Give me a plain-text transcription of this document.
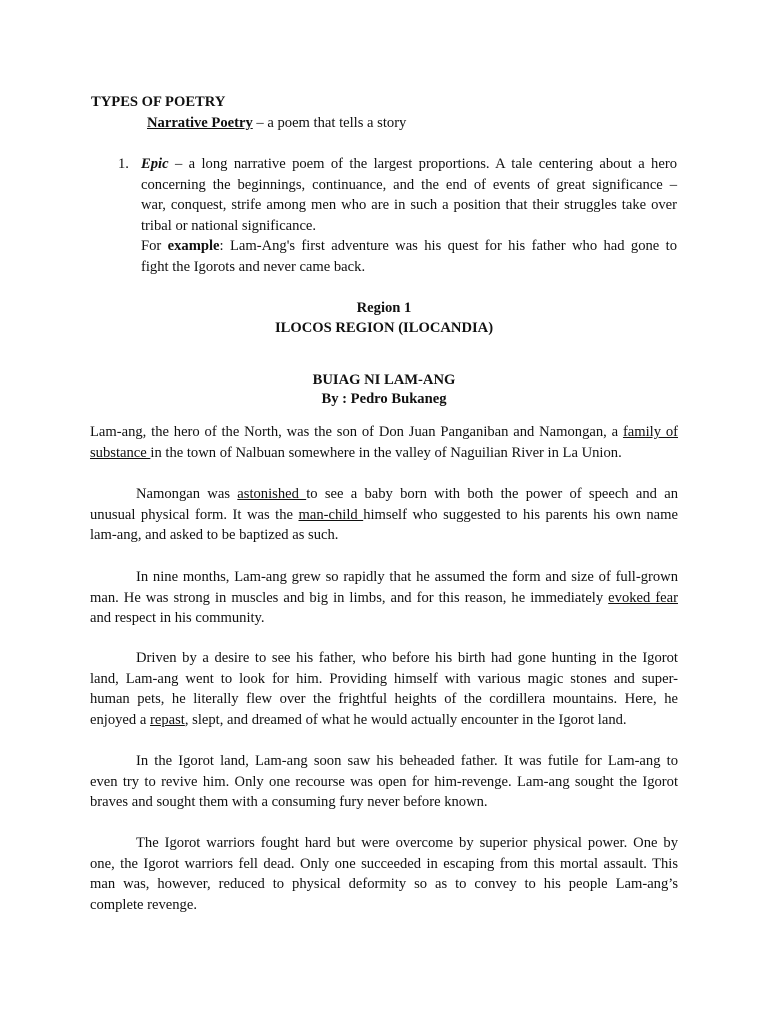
TYPES OF POETRY

Narrative Poetry – a poem that tells a story

1. Epic – a long narrative poem of the largest proportions. A tale centering about a hero
concerning the beginnings, continuance, and the end of events of great significance –
war, conquest, strife among men who are in such a position that their struggles take over
tribal or national significance.
For example: Lam-Ang's first adventure was his quest for his father who had gone to
fight the Igorots and never came back.

Region 1

ILOCOS REGION (ILOCANDIA)

BUIAG NI LAM-ANG

By : Pedro Bukaneg

Lam-ang, the hero of the North, was the son of Don Juan Panganiban and Namongan, a family of
substance in the town of Nalbuan somewhere in the valley of Naguilian River in La Union.
Namongan was astonished to see a baby born with both the power of speech and an
unusual physical form. It was the man-child himself who suggested to his parents his own name
lam-ang, and asked to be baptized as such.
In nine months, Lam-ang grew so rapidly that he assumed the form and size of full-grown
man. He was strong in muscles and big in limbs, and for this reason, he immediately evoked fear
and respect in his community.
Driven by a desire to see his father, who before his birth had gone hunting in the Igorot
land, Lam-ang went to look for him. Providing himself with various magic stones and super-
human pets, he literally flew over the frightful heights of the cordillera mountains. Here, he
enjoyed a repast, slept, and dreamed of what he would actually encounter in the Igorot land.
In the Igorot land, Lam-ang soon saw his beheaded father. It was futile for Lam-ang to
even try to revive him. Only one recourse was open for him-revenge. Lam-ang sought the Igorot
braves and sought them with a consuming fury never before known.
The Igorot warriors fought hard but were overcome by superior physical power. One by
one, the Igorot warriors fell dead. Only one succeeded in escaping from this mortal assault. This
man was, however, reduced to physical deformity so as to convey to his people Lam-ang’s
complete revenge.
